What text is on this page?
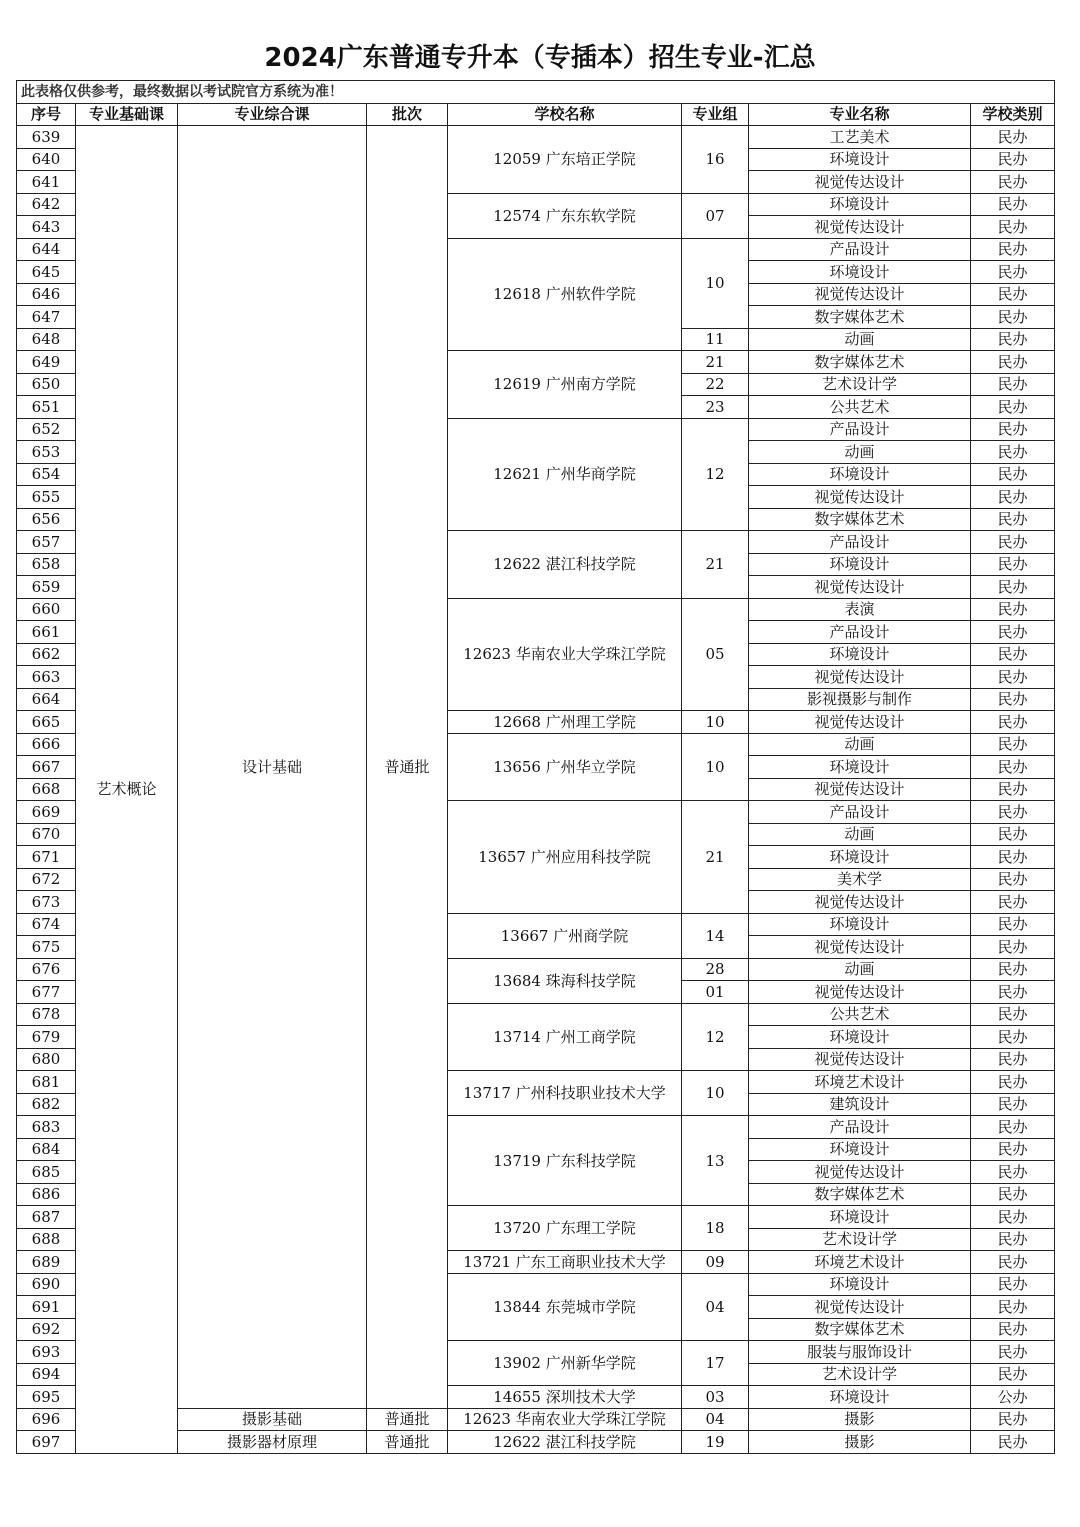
2024广东普通专升本（专插本）招生专业-汇总
此表格仅供参考，最终数据以考试院官方系统为准！							
序号	专业基础课	专业综合课	批次	学校名称	专业组	专业名称	学校类别
639	艺术概论	设计基础	普通批	12059 广东培正学院	16	工艺美术	民办
640						环境设计	民办
641						视觉传达设计	民办
642				12574 广东东软学院	07	环境设计	民办
643						视觉传达设计	民办
644				12618 广州软件学院	10	产品设计	民办
645						环境设计	民办
646						视觉传达设计	民办
647						数字媒体艺术	民办
648					11	动画	民办
649				12619 广州南方学院	21	数字媒体艺术	民办
650					22	艺术设计学	民办
651					23	公共艺术	民办
652				12621 广州华商学院	12	产品设计	民办
653						动画	民办
654						环境设计	民办
655						视觉传达设计	民办
656						数字媒体艺术	民办
657				12622 湛江科技学院	21	产品设计	民办
658						环境设计	民办
659						视觉传达设计	民办
660				12623 华南农业大学珠江学院	05	表演	民办
661						产品设计	民办
662						环境设计	民办
663						视觉传达设计	民办
664						影视摄影与制作	民办
665				12668 广州理工学院	10	视觉传达设计	民办
666				13656 广州华立学院	10	动画	民办
667						环境设计	民办
668						视觉传达设计	民办
669				13657 广州应用科技学院	21	产品设计	民办
670						动画	民办
671						环境设计	民办
672						美术学	民办
673						视觉传达设计	民办
674				13667 广州商学院	14	环境设计	民办
675						视觉传达设计	民办
676				13684 珠海科技学院	28	动画	民办
677					01	视觉传达设计	民办
678				13714 广州工商学院	12	公共艺术	民办
679						环境设计	民办
680						视觉传达设计	民办
681				13717 广州科技职业技术大学	10	环境艺术设计	民办
682						建筑设计	民办
683				13719 广东科技学院	13	产品设计	民办
684						环境设计	民办
685						视觉传达设计	民办
686						数字媒体艺术	民办
687				13720 广东理工学院	18	环境设计	民办
688						艺术设计学	民办
689				13721 广东工商职业技术大学	09	环境艺术设计	民办
690				13844 东莞城市学院	04	环境设计	民办
691						视觉传达设计	民办
692						数字媒体艺术	民办
693				13902 广州新华学院	17	服装与服饰设计	民办
694						艺术设计学	民办
695				14655 深圳技术大学	03	环境设计	公办
696		摄影基础	普通批	12623 华南农业大学珠江学院	04	摄影	民办
697		摄影器材原理	普通批	12622 湛江科技学院	19	摄影	民办
